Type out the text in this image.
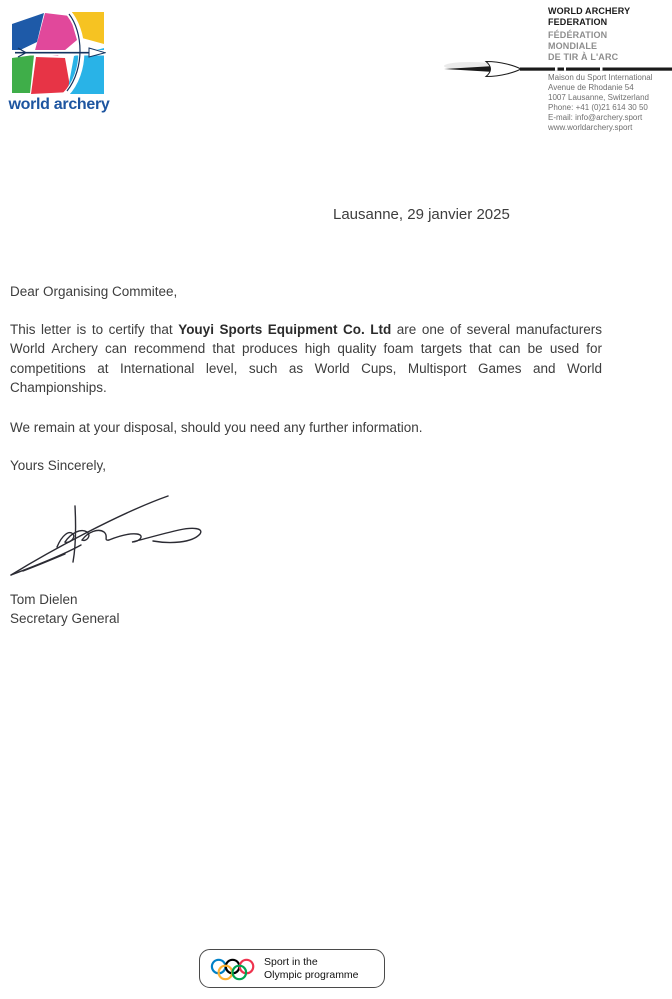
world archery
WORLD ARCHERY
FEDERATION
FÉDÉRATION
MONDIALE
DE TIR À L'ARC
Maison du Sport International
Avenue de Rhodanie 54
1007 Lausanne, Switzerland
Phone: +41 (0)21 614 30 50
E-mail: info@archery.sport
www.worldarchery.sport
Lausanne, 29 janvier 2025
Dear Organising Commitee,
This letter is to certify that Youyi Sports Equipment Co. Ltd are one of several manufacturers
World Archery can recommend that produces high quality foam targets that can be used for
competitions at International level, such as World Cups, Multisport Games and World
Championships.
We remain at your disposal, should you need any further information.
Yours Sincerely,
Tom Dielen
Secretary General
Sport in the
Olympic programme
